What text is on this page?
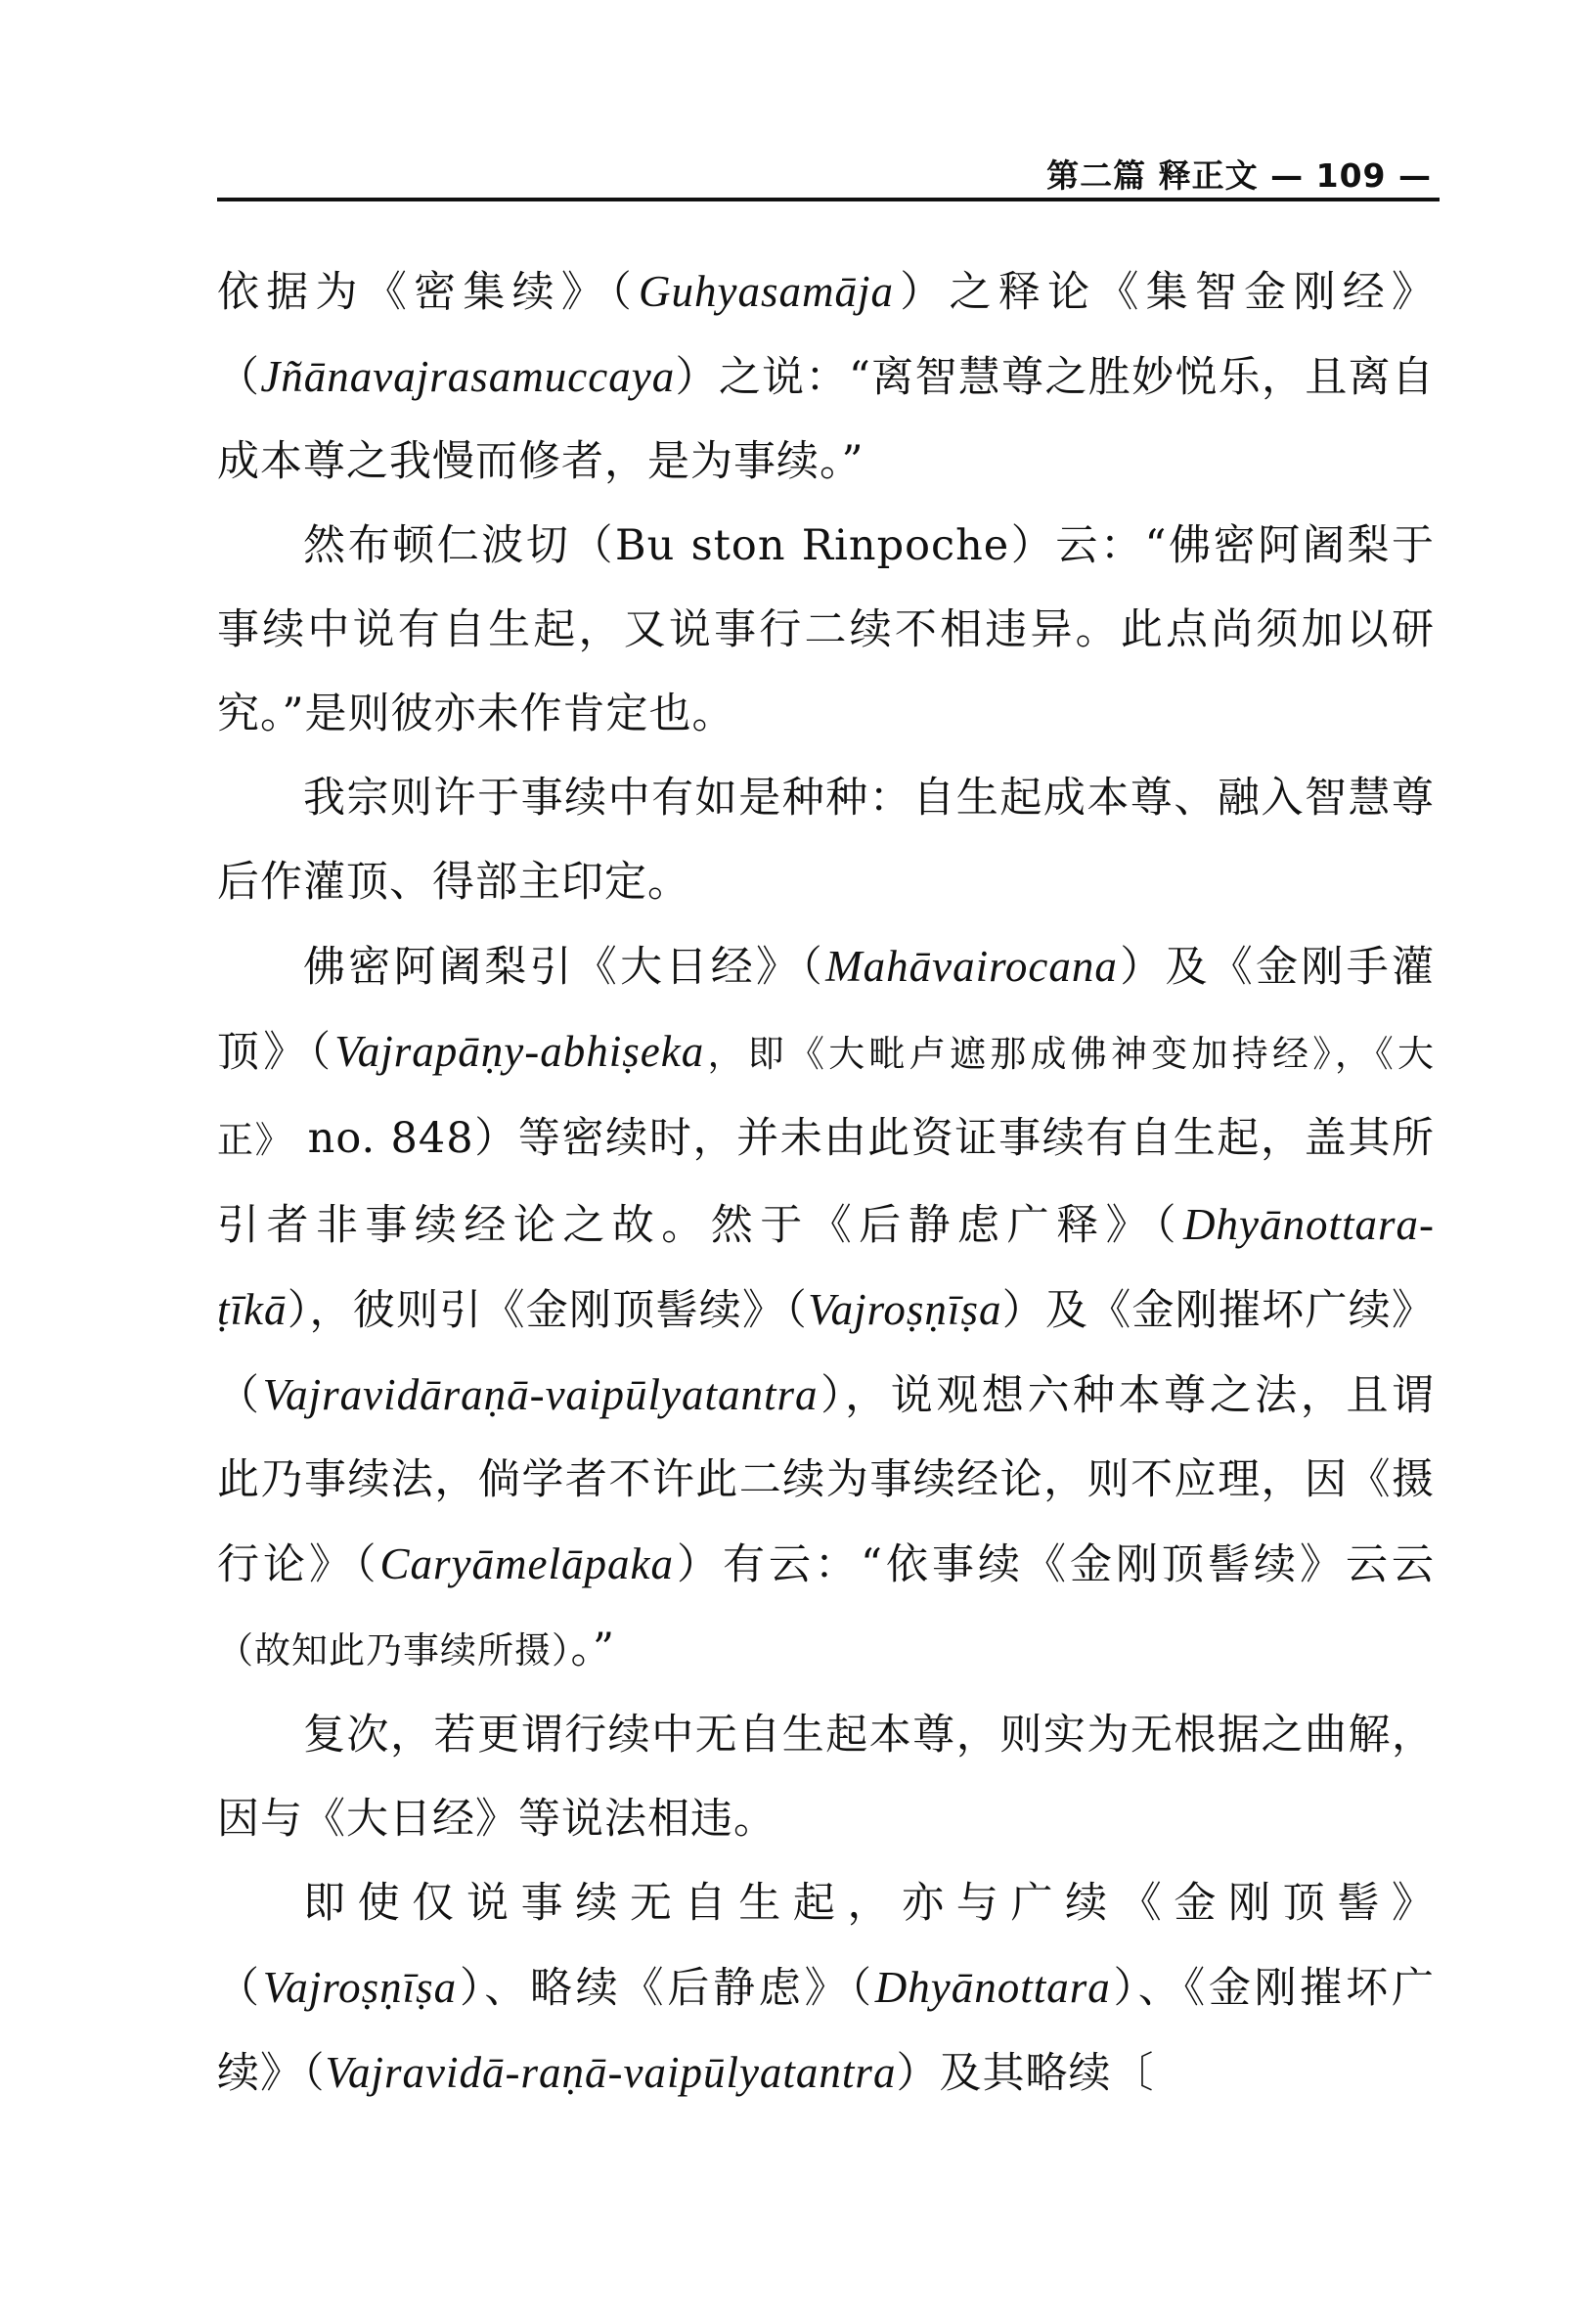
第二篇 释正文 — 109 —

依据为《密集续》（Guhyasamāja）之释论《集智金刚经》（Jñānavajrasamuccaya）之说：“离智慧尊之胜妙悦乐，且离自成本尊之我慢而修者，是为事续。”

然布顿仁波切（Bu ston Rinpoche）云：“佛密阿阇梨于事续中说有自生起，又说事行二续不相违异。此点尚须加以研究。”是则彼亦未作肯定也。

我宗则许于事续中有如是种种：自生起成本尊、融入智慧尊后作灌顶、得部主印定。

佛密阿阇梨引《大日经》（Mahāvairocana）及《金刚手灌顶》（Vajrapāṇy-abhiṣeka，即《大毗卢遮那成佛神变加持经》，《大正》 no. 848）等密续时，并未由此资证事续有自生起，盖其所引者非事续经论之故。然于《后静虑广释》（Dhyānottara-ṭīkā），彼则引《金刚顶髻续》（Vajroṣṇīṣa）及《金刚摧坏广续》（Vajravidāraṇā-vaipūlyatantra），说观想六种本尊之法，且谓此乃事续法，倘学者不许此二续为事续经论，则不应理，因《摄行论》（Caryāmelāpaka）有云：“依事续《金刚顶髻续》云云（故知此乃事续所摄）。”

复次，若更谓行续中无自生起本尊，则实为无根据之曲解，因与《大日经》等说法相违。

即使仅说事续无自生起，亦与广续《金刚顶髻》（Vajroṣṇīṣa）、略续《后静虑》（Dhyānottara）、《金刚摧坏广续》（Vajravidā-raṇā-vaipūlyatantra）及其略续〔
